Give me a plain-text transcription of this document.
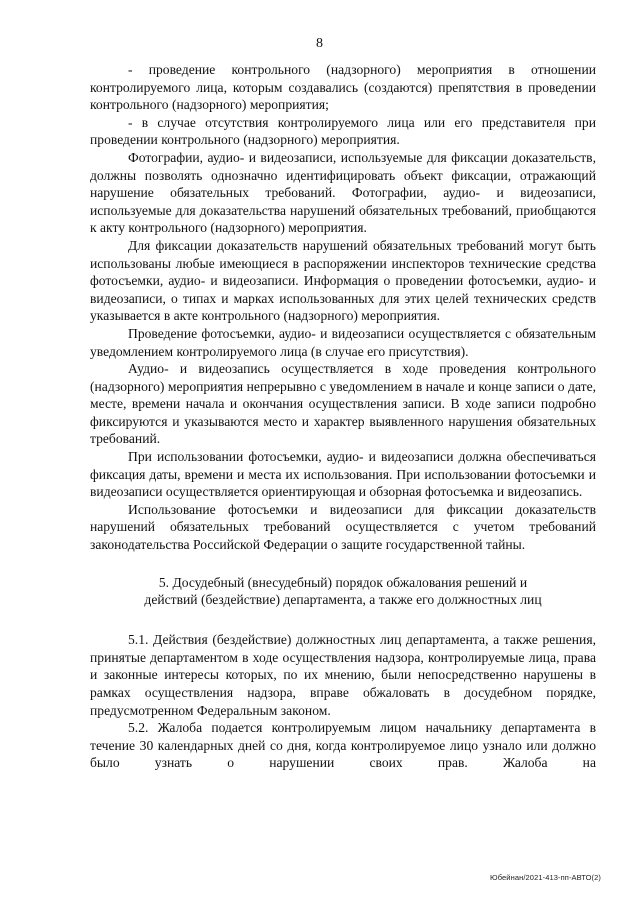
8

- проведение контрольного (надзорного) мероприятия в отношении контролируемого лица, которым создавались (создаются) препятствия в проведении контрольного (надзорного) мероприятия;

- в случае отсутствия контролируемого лица или его представителя при проведении контрольного (надзорного) мероприятия.

Фотографии, аудио- и видеозаписи, используемые для фиксации доказательств, должны позволять однозначно идентифицировать объект фиксации, отражающий нарушение обязательных требований. Фотографии, аудио- и видеозаписи, используемые для доказательства нарушений обязательных требований, приобщаются к акту контрольного (надзорного) мероприятия.

Для фиксации доказательств нарушений обязательных требований могут быть использованы любые имеющиеся в распоряжении инспекторов технические средства фотосъемки, аудио- и видеозаписи. Информация о проведении фотосъемки, аудио- и видеозаписи, о типах и марках использованных для этих целей технических средств указывается в акте контрольного (надзорного) мероприятия.

Проведение фотосъемки, аудио- и видеозаписи осуществляется с обязательным уведомлением контролируемого лица (в случае его присутствия).

Аудио- и видеозапись осуществляется в ходе проведения контрольного (надзорного) мероприятия непрерывно с уведомлением в начале и конце записи о дате, месте, времени начала и окончания осуществления записи. В ходе записи подробно фиксируются и указываются место и характер выявленного нарушения обязательных требований.

При использовании фотосъемки, аудио- и видеозаписи должна обеспечиваться фиксация даты, времени и места их использования. При использовании фотосъемки и видеозаписи осуществляется ориентирующая и обзорная фотосъемка и видеозапись.

Использование фотосъемки и видеозаписи для фиксации доказательств нарушений обязательных требований осуществляется с учетом требований законодательства Российской Федерации о защите государственной тайны.

5. Досудебный (внесудебный) порядок обжалования решений и

действий (бездействие) департамента, а также его должностных лиц

5.1. Действия (бездействие) должностных лиц департамента, а также решения, принятые департаментом в ходе осуществления надзора, контролируемые лица, права и законные интересы которых, по их мнению, были непосредственно нарушены в рамках осуществления надзора, вправе обжаловать в досудебном порядке, предусмотренном Федеральным законом.

5.2. Жалоба подается контролируемым лицом начальнику департамента в течение 30 календарных дней со дня, когда контролируемое лицо узнало или должно было узнать о нарушении своих прав. Жалоба на

Юбейнан/2021-413-пп-АВТО(2)
